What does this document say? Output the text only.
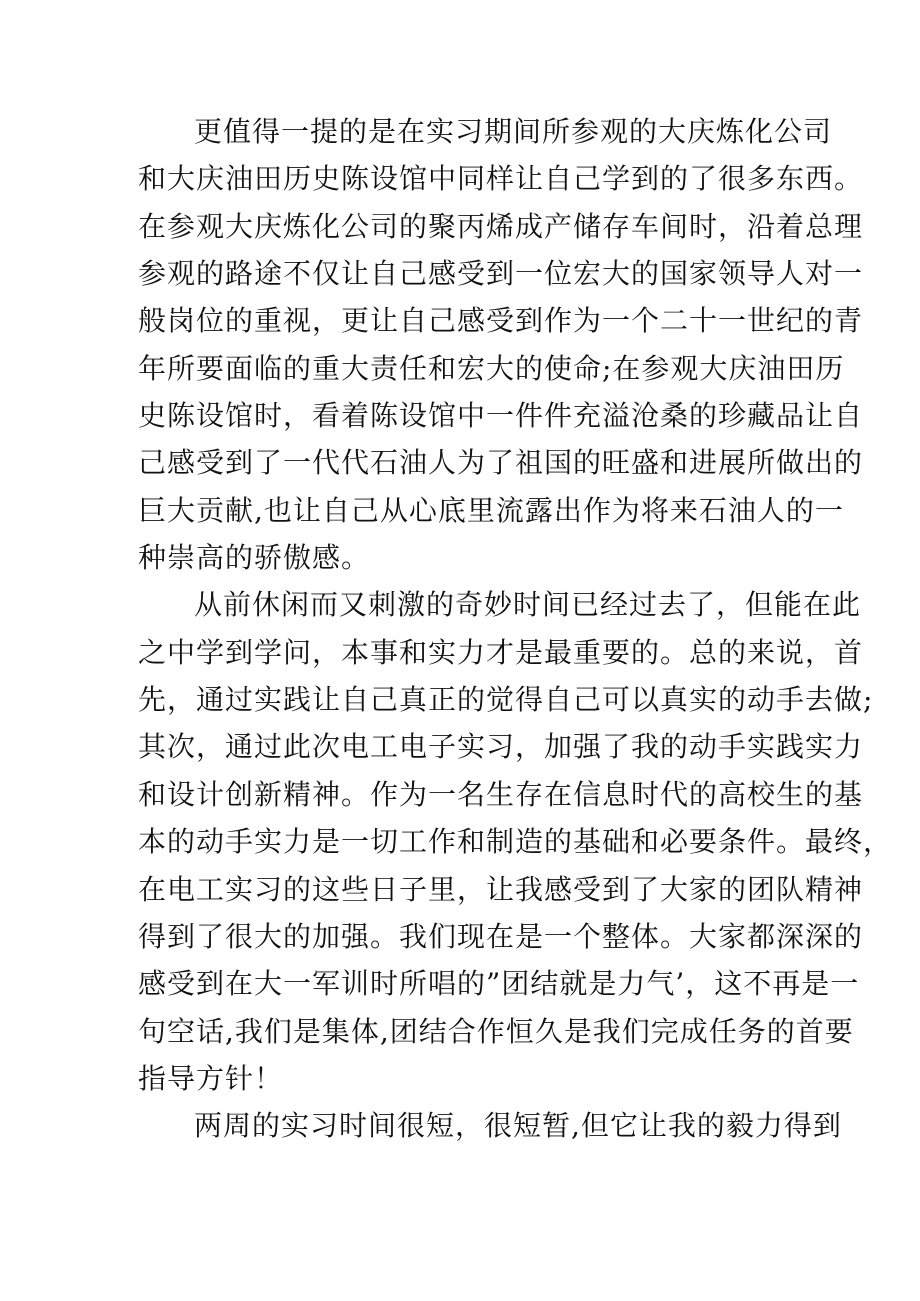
更值得一提的是在实习期间所参观的大庆炼化公司
和大庆油田历史陈设馆中同样让自己学到的了很多东西。
在参观大庆炼化公司的聚丙烯成产储存车间时，沿着总理
参观的路途不仅让自己感受到一位宏大的国家领导人对一
般岗位的重视，更让自己感受到作为一个二十一世纪的青
年所要面临的重大责任和宏大的使命;在参观大庆油田历
史陈设馆时，看着陈设馆中一件件充溢沧桑的珍藏品让自
己感受到了一代代石油人为了祖国的旺盛和进展所做出的
巨大贡献,也让自己从心底里流露出作为将来石油人的一
种崇高的骄傲感。
从前休闲而又刺激的奇妙时间已经过去了，但能在此
之中学到学问，本事和实力才是最重要的。总的来说，首
先，通过实践让自己真正的觉得自己可以真实的动手去做;
其次，通过此次电工电子实习，加强了我的动手实践实力
和设计创新精神。作为一名生存在信息时代的高校生的基
本的动手实力是一切工作和制造的基础和必要条件。最终，
在电工实习的这些日子里，让我感受到了大家的团队精神
得到了很大的加强。我们现在是一个整体。大家都深深的
感受到在大一军训时所唱的”团结就是力气’，这不再是一
句空话,我们是集体,团结合作恒久是我们完成任务的首要
指导方针！
两周的实习时间很短，很短暂,但它让我的毅力得到
